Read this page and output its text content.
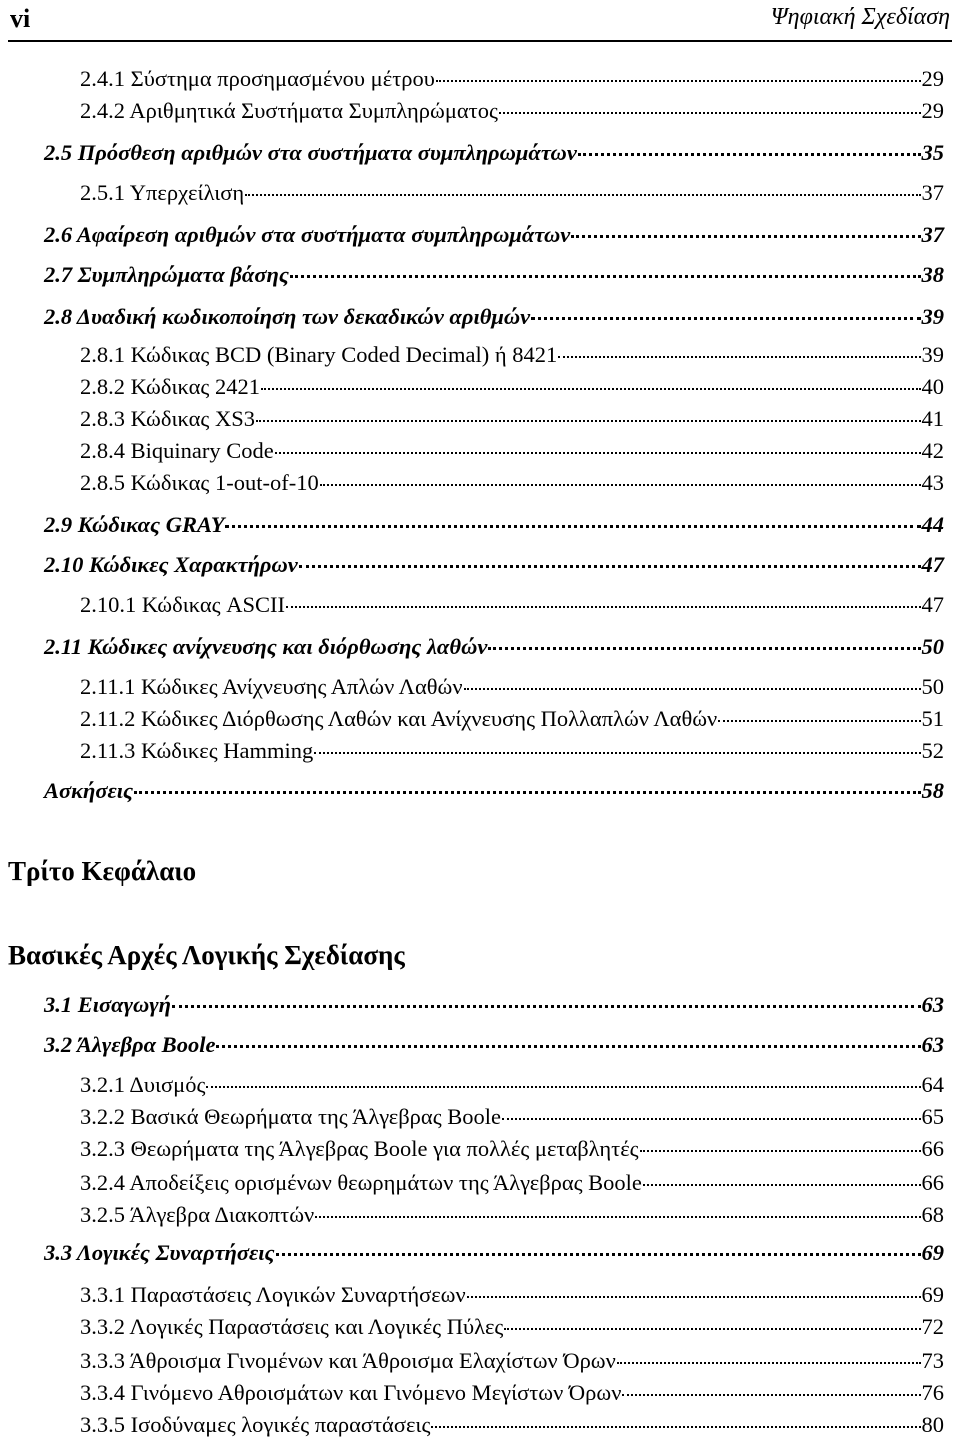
vi	Ψηφιακή Σχεδίαση
2.4.1 Σύστημα προσημασμένου μέτρου	29
2.4.2 Αριθμητικά Συστήματα Συμπληρώματος	29
2.5 Πρόσθεση αριθμών στα συστήματα συμπληρωμάτων	35
2.5.1 Υπερχείλιση	37
2.6 Αφαίρεση αριθμών στα συστήματα συμπληρωμάτων	37
2.7 Συμπληρώματα βάσης	38
2.8 Δυαδική κωδικοποίηση των δεκαδικών αριθμών	39
2.8.1 Κώδικας BCD (Binary Coded Decimal) ή 8421	39
2.8.2 Κώδικας 2421	40
2.8.3 Κώδικας XS3	41
2.8.4 Biquinary Code	42
2.8.5 Κώδικας 1-out-of-10	43
2.9 Κώδικας GRAY	44
2.10 Κώδικες Χαρακτήρων	47
2.10.1 Κώδικας ASCII	47
2.11 Κώδικες ανίχνευσης και διόρθωσης λαθών	50
2.11.1 Κώδικες Ανίχνευσης Απλών Λαθών	50
2.11.2 Κώδικες Διόρθωσης Λαθών και Ανίχνευσης Πολλαπλών Λαθών	51
2.11.3 Κώδικες Hamming	52
Ασκήσεις	58
3.1 Εισαγωγή	63
3.2 Άλγεβρα Boole	63
3.2.1 Δυισμός	64
3.2.2 Βασικά Θεωρήματα της Άλγεβρας Boole	65
3.2.3 Θεωρήματα της Άλγεβρας Boole για πολλές μεταβλητές	66
3.2.4 Αποδείξεις ορισμένων θεωρημάτων της Άλγεβρας Boole	66
3.2.5 Άλγεβρα Διακοπτών	68
3.3 Λογικές Συναρτήσεις	69
3.3.1 Παραστάσεις Λογικών Συναρτήσεων	69
3.3.2 Λογικές Παραστάσεις και Λογικές Πύλες	72
3.3.3 Άθροισμα Γινομένων και Άθροισμα Ελαχίστων Όρων	73
3.3.4 Γινόμενο Αθροισμάτων και Γινόμενο Μεγίστων Όρων	76
3.3.5 Ισοδύναμες λογικές παραστάσεις	80
Τρίτο Κεφάλαιο
Βασικές Αρχές Λογικής Σχεδίασης
